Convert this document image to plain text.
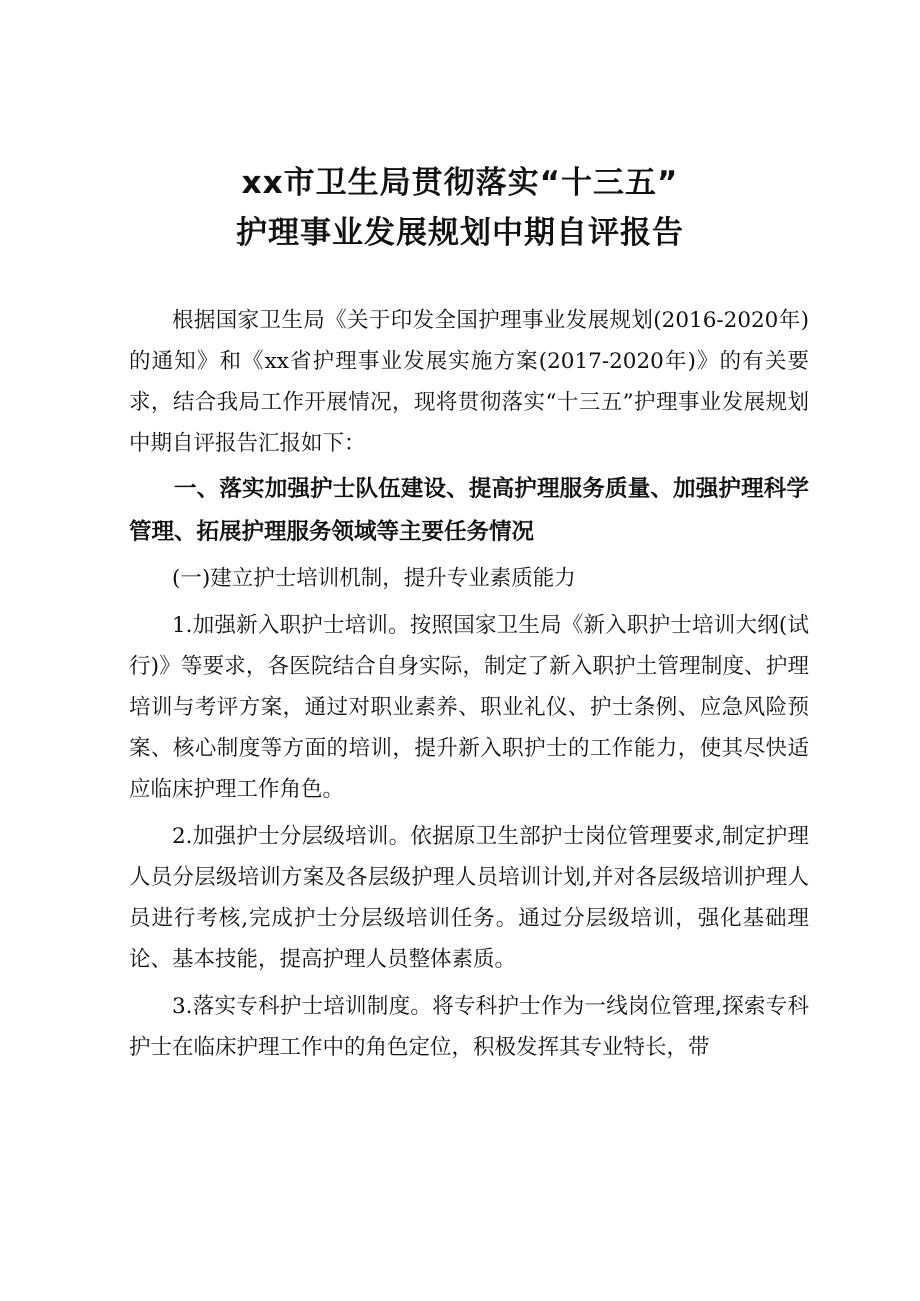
xx市卫生局贯彻落实“十三五”
护理事业发展规划中期自评报告

根据国家卫生局《关于印发全国护理事业发展规划(2016-2020年)的通知》和《xx省护理事业发展实施方案(2017-2020年)》的有关要求，结合我局工作开展情况，现将贯彻落实“十三五”护理事业发展规划中期自评报告汇报如下：

一、落实加强护士队伍建设、提高护理服务质量、加强护理科学管理、拓展护理服务领域等主要任务情况

(一)建立护士培训机制，提升专业素质能力

1.加强新入职护士培训。按照国家卫生局《新入职护士培训大纲(试行)》等要求，各医院结合自身实际，制定了新入职护土管理制度、护理培训与考评方案，通过对职业素养、职业礼仪、护士条例、应急风险预案、核心制度等方面的培训，提升新入职护士的工作能力，使其尽快适应临床护理工作角色。

2.加强护士分层级培训。依据原卫生部护士岗位管理要求,制定护理人员分层级培训方案及各层级护理人员培训计划,并对各层级培训护理人员进行考核,完成护士分层级培训任务。通过分层级培训，强化基础理论、基本技能，提高护理人员整体素质。

3.落实专科护士培训制度。将专科护士作为一线岗位管理,探索专科护士在临床护理工作中的角色定位，积极发挥其专业特长，带
